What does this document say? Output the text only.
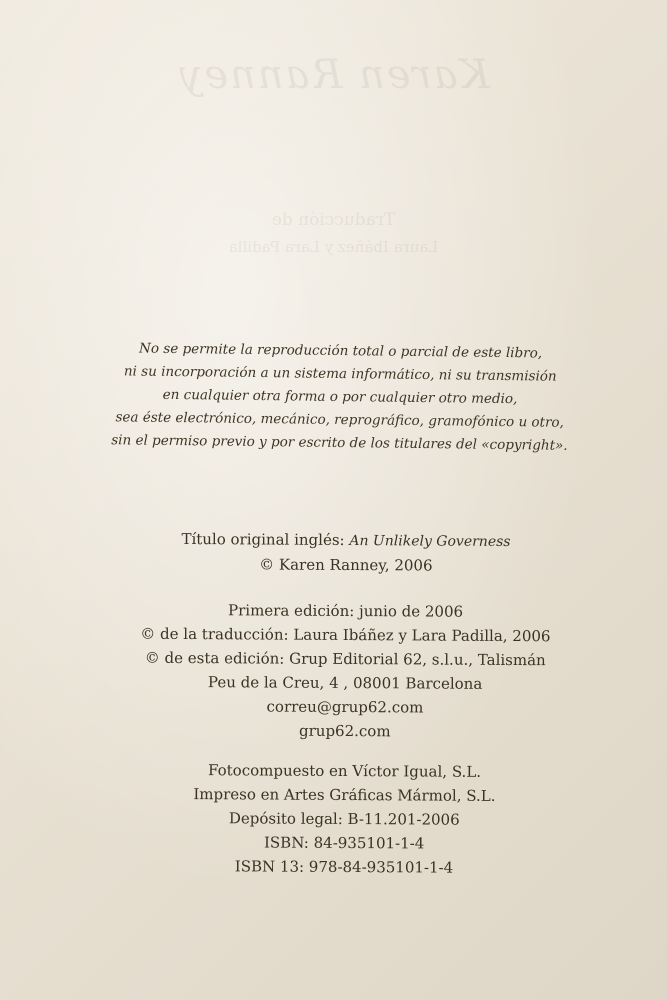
Karen Ranney
Traducción de
Laura Ibáñez y Lara Padilla
No se permite la reproducción total o parcial de este libro,
ni su incorporación a un sistema informático, ni su transmisión
en cualquier otra forma o por cualquier otro medio,
sea éste electrónico, mecánico, reprográfico, gramofónico u otro,
sin el permiso previo y por escrito de los titulares del «copyright».
Título original inglés: An Unlikely Governess
© Karen Ranney, 2006
Primera edición: junio de 2006
© de la traducción: Laura Ibáñez y Lara Padilla, 2006
© de esta edición: Grup Editorial 62, s.l.u., Talismán
Peu de la Creu, 4 , 08001 Barcelona
correu@grup62.com
grup62.com
Fotocompuesto en Víctor Igual, S.L.
Impreso en Artes Gráficas Mármol, S.L.
Depósito legal: B-11.201-2006
ISBN: 84-935101-1-4
ISBN 13: 978-84-935101-1-4
